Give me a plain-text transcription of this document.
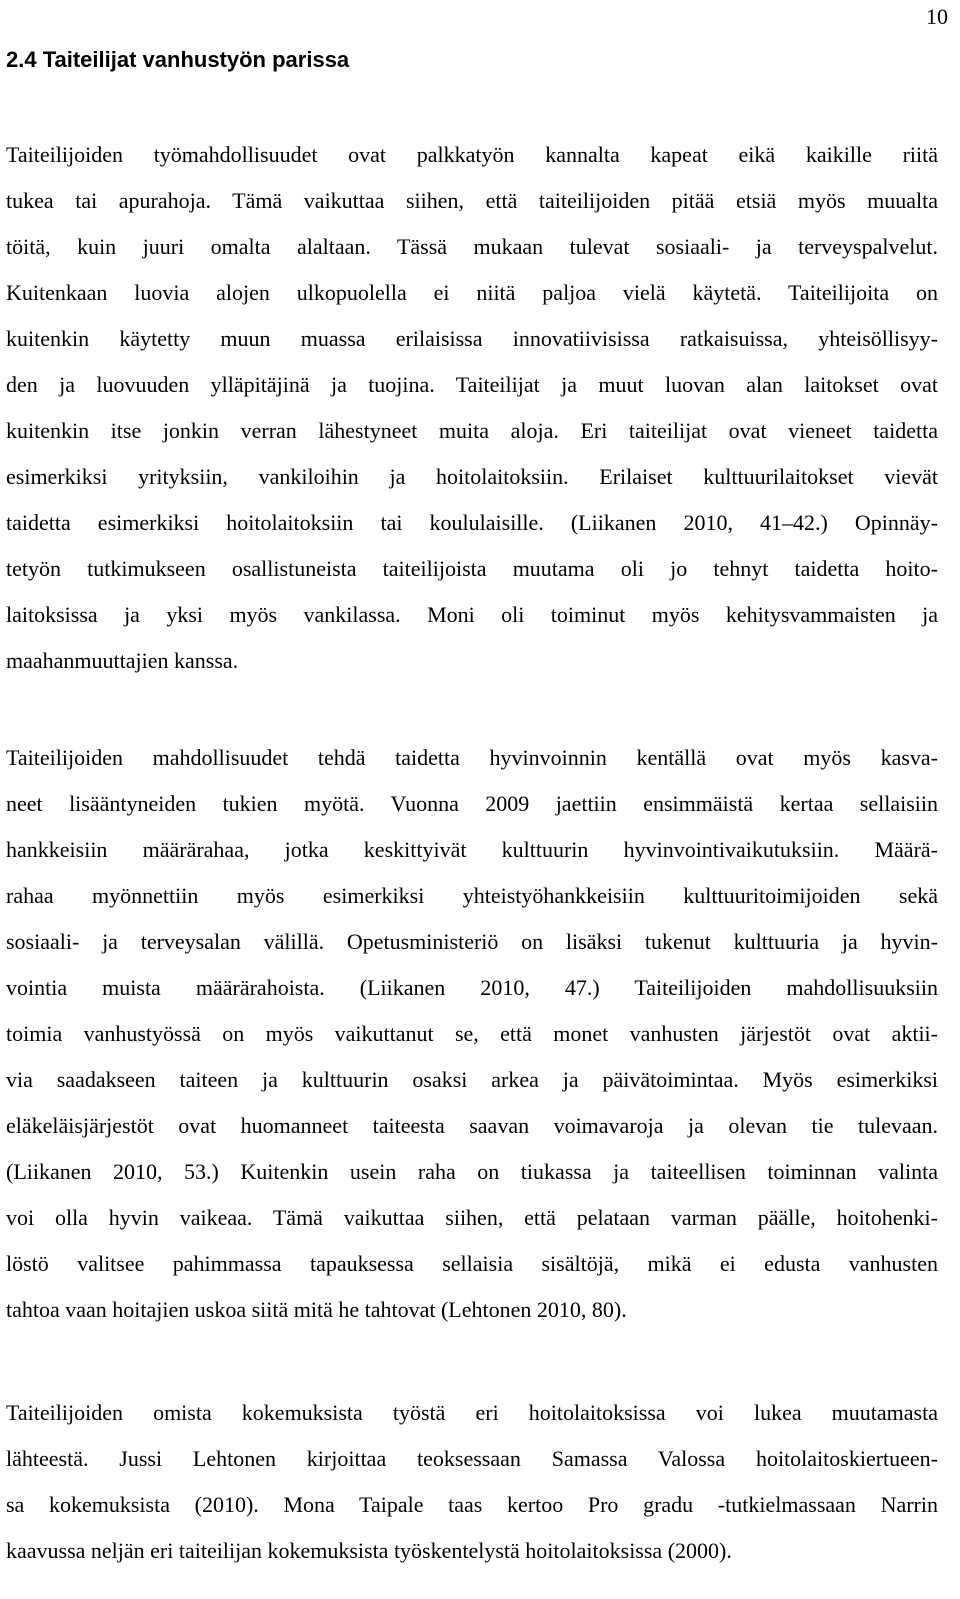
10
2.4 Taiteilijat vanhustyön parissa
Taiteilijoiden työmahdollisuudet ovat palkkatyön kannalta kapeat eikä kaikille riitä
tukea tai apurahoja. Tämä vaikuttaa siihen, että taiteilijoiden pitää etsiä myös muualta
töitä, kuin juuri omalta alaltaan. Tässä mukaan tulevat sosiaali- ja terveyspalvelut.
Kuitenkaan luovia alojen ulkopuolella ei niitä paljoa vielä käytetä. Taiteilijoita on
kuitenkin käytetty muun muassa erilaisissa innovatiivisissa ratkaisuissa, yhteisöllisyy-
den ja luovuuden ylläpitäjinä ja tuojina. Taiteilijat ja muut luovan alan laitokset ovat
kuitenkin itse jonkin verran lähestyneet muita aloja. Eri taiteilijat ovat vieneet taidetta
esimerkiksi yrityksiin, vankiloihin ja hoitolaitoksiin. Erilaiset kulttuurilaitokset vievät
taidetta esimerkiksi hoitolaitoksiin tai koululaisille. (Liikanen 2010, 41–42.) Opinnäy-
tetyön tutkimukseen osallistuneista taiteilijoista muutama oli jo tehnyt taidetta hoito-
laitoksissa ja yksi myös vankilassa. Moni oli toiminut myös kehitysvammaisten ja
maahanmuuttajien kanssa.
Taiteilijoiden mahdollisuudet tehdä taidetta hyvinvoinnin kentällä ovat myös kasva-
neet lisääntyneiden tukien myötä. Vuonna 2009 jaettiin ensimmäistä kertaa sellaisiin
hankkeisiin määrärahaa, jotka keskittyivät kulttuurin hyvinvointivaikutuksiin. Määrä-
rahaa myönnettiin myös esimerkiksi yhteistyöhankkeisiin kulttuuritoimijoiden sekä
sosiaali- ja terveysalan välillä. Opetusministeriö on lisäksi tukenut kulttuuria ja hyvin-
vointia muista määrärahoista. (Liikanen 2010, 47.) Taiteilijoiden mahdollisuuksiin
toimia vanhustyössä on myös vaikuttanut se, että monet vanhusten järjestöt ovat aktii-
via saadakseen taiteen ja kulttuurin osaksi arkea ja päivätoimintaa. Myös esimerkiksi
eläkeläisjärjestöt ovat huomanneet taiteesta saavan voimavaroja ja olevan tie tulevaan.
(Liikanen 2010, 53.) Kuitenkin usein raha on tiukassa ja taiteellisen toiminnan valinta
voi olla hyvin vaikeaa. Tämä vaikuttaa siihen, että pelataan varman päälle, hoitohenki-
löstö valitsee pahimmassa tapauksessa sellaisia sisältöjä, mikä ei edusta vanhusten
tahtoa vaan hoitajien uskoa siitä mitä he tahtovat (Lehtonen 2010, 80).
Taiteilijoiden omista kokemuksista työstä eri hoitolaitoksissa voi lukea muutamasta
lähteestä. Jussi Lehtonen kirjoittaa teoksessaan Samassa Valossa hoitolaitoskiertueen-
sa kokemuksista (2010). Mona Taipale taas kertoo Pro gradu -tutkielmassaan Narrin
kaavussa neljän eri taiteilijan kokemuksista työskentelystä hoitolaitoksissa (2000).
